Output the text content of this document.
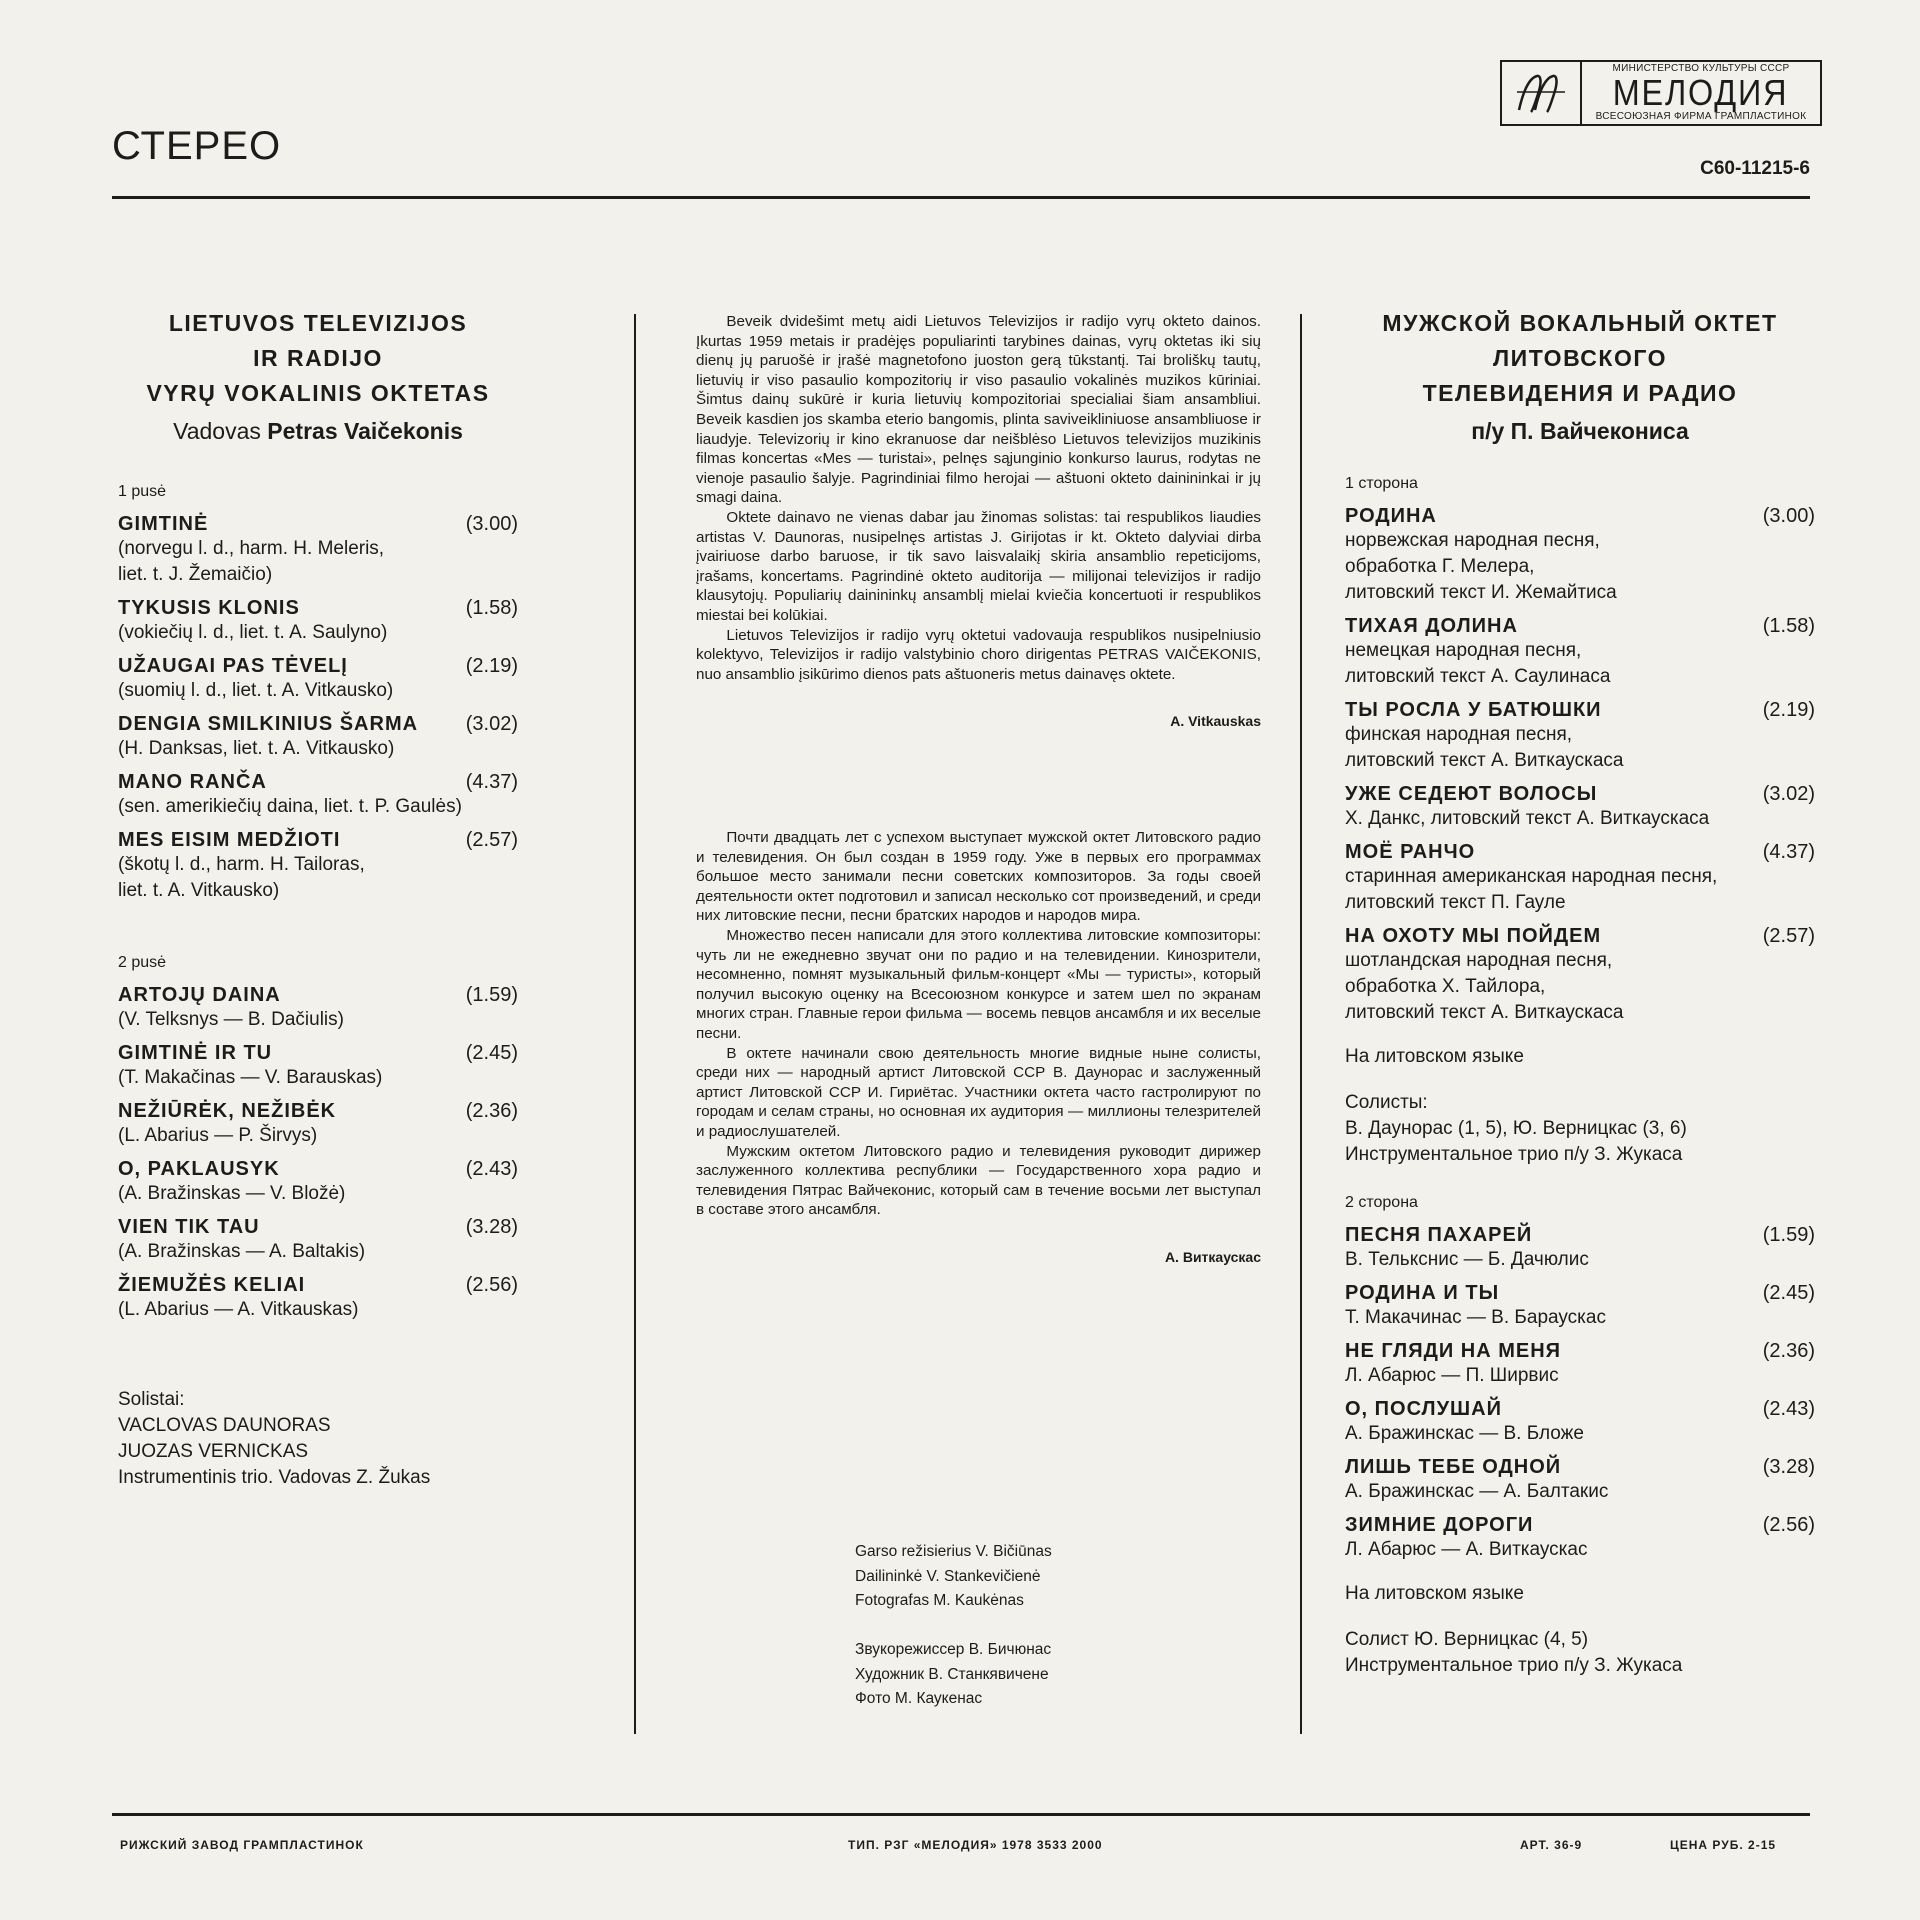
СТЕРЕО
МИНИСТЕРСТВО КУЛЬТУРЫ СССР
МЕЛОДИЯ
ВСЕСОЮЗНАЯ ФИРМА ГРАМПЛАСТИНОК
С60-11215-6
LIETUVOS TELEVIZIJOS
IR RADIJO
VYRŲ VOKALINIS OKTETAS
Vadovas Petras Vaičekonis
1 pusė
GIMTINĖ	(3.00)
(norvegu l. d., harm. H. Meleris,
liet. t. J. Žemaičio)
TYKUSIS KLONIS	(1.58)
(vokiečių l. d., liet. t. A. Saulyno)
UŽAUGAI PAS TĖVELĮ	(2.19)
(suomių l. d., liet. t. A. Vitkausko)
DENGIA SMILKINIUS ŠARMA (3.02)
(H. Danksas, liet. t. A. Vitkausko)
MANO RANČA	(4.37)
(sen. amerikiečių daina, liet. t. P. Gaulės)
MES EISIM MEDŽIOTI	(2.57)
(škotų l. d., harm. H. Tailoras,
liet. t. A. Vitkausko)
2 pusė
ARTOJŲ DAINA	(1.59)
(V. Telksnys — B. Dačiulis)
GIMTINĖ IR TU	(2.45)
(T. Makačinas — V. Barauskas)
NEŽIŪRĖK, NEŽIBĖK	(2.36)
(L. Abarius — P. Širvys)
O, PAKLAUSYK	(2.43)
(A. Bražinskas — V. Bložė)
VIEN TIK TAU	(3.28)
(A. Bražinskas — A. Baltakis)
ŽIEMUŽĖS KELIAI	(2.56)
(L. Abarius — A. Vitkauskas)
Solistai:
VACLOVAS DAUNORAS
JUOZAS VERNICKAS
Instrumentinis trio. Vadovas Z. Žukas

Beveik dvidešimt metų aidi Lietuvos Televizijos ir radijo vyrų okteto dainos. Įkurtas 1959 metais ir pradėjęs populiarinti tarybines dainas, vyrų oktetas iki sių dienų jų paruošė ir įrašė magnetofono juoston gerą tūkstantį. Tai broliškų tautų, lietuvių ir viso pasaulio kompozitorių ir viso pasaulio vokalinės muzikos kūriniai. Šimtus dainų sukūrė ir kuria lietuvių kompozitoriai specialiai šiam ansambliui. Beveik kasdien jos skamba eterio bangomis, plinta saviveikliniuose ansambliuose ir liaudyje. Televizorių ir kino ekranuose dar neišblėso Lietuvos televizijos muzikinis filmas koncertas «Mes — turistai», pelnęs sąjunginio konkurso laurus, rodytas ne vienoje pasaulio šalyje. Pagrindiniai filmo herojai — aštuoni okteto dainininkai ir jų smagi daina.

Oktete dainavo ne vienas dabar jau žinomas solistas: tai respublikos liaudies artistas V. Daunoras, nusipelnęs artistas J. Girijotas ir kt. Okteto dalyviai dirba įvairiuose darbo baruose, ir tik savo laisvalaikį skiria ansamblio repeticijoms, įrašams, koncertams. Pagrindinė okteto auditorija — milijonai televizijos ir radijo klausytojų. Populiarių dainininkų ansamblį mielai kviečia koncertuoti ir respublikos miestai bei kolūkiai.

Lietuvos Televizijos ir radijo vyrų oktetui vadovauja respublikos nusipelniusio kolektyvo, Televizijos ir radijo valstybinio choro dirigentas PETRAS VAIČEKONIS, nuo ansamblio įsikūrimo dienos pats aštuoneris metus dainavęs oktete.

A. Vitkauskas

Почти двадцать лет с успехом выступает мужской октет Литовского радио и телевидения. Он был создан в 1959 году. Уже в первых его программах большое место занимали песни советских композиторов. За годы своей деятельности октет подготовил и записал несколько сот произведений, и среди них литовские песни, песни братских народов и народов мира.

Множество песен написали для этого коллектива литовские композиторы: чуть ли не ежедневно звучат они по радио и на телевидении. Кинозрители, несомненно, помнят музыкальный фильм-концерт «Мы — туристы», который получил высокую оценку на Всесоюзном конкурсе и затем шел по экранам многих стран. Главные герои фильма — восемь певцов ансамбля и их веселые песни.

В октете начинали свою деятельность многие видные ныне солисты, среди них — народный артист Литовской ССР В. Даунорас и заслуженный артист Литовской ССР И. Гириётас. Участники октета часто гастролируют по городам и селам страны, но основная их аудитория — миллионы телезрителей и радиослушателей.

Мужским октетом Литовского радио и телевидения руководит дирижер заслуженного коллектива республики — Государственного хора радио и телевидения Пятрас Вайчеконис, который сам в течение восьми лет выступал в составе этого ансамбля.

А. Виткаускас
Garso režisierius V. Bičiūnas
Dailininkė V. Stankevičienė
Fotografas M. Kaukėnas
Звукорежиссер В. Бичюнас
Художник В. Станкявичене
Фото М. Каукенас
МУЖСКОЙ ВОКАЛЬНЫЙ ОКТЕТ
ЛИТОВСКОГО
ТЕЛЕВИДЕНИЯ И РАДИО
п/у П. Вайчекониса
1 сторона
РОДИНА	(3.00)
норвежская народная песня,
обработка Г. Мелера,
литовский текст И. Жемайтиса
ТИХАЯ ДОЛИНА	(1.58)
немецкая народная песня,
литовский текст А. Саулинаса
ТЫ РОСЛА У БАТЮШКИ	(2.19)
финская народная песня,
литовский текст А. Виткаускаса
УЖЕ СЕДЕЮТ ВОЛОСЫ	(3.02)
Х. Данкс, литовский текст А. Виткаускаса
МОЁ РАНЧО	(4.37)
старинная американская народная песня,
литовский текст П. Гауле
НА ОХОТУ МЫ ПОЙДЕМ	(2.57)
шотландская народная песня,
обработка Х. Тайлора,
литовский текст А. Виткаускаса
На литовском языке
Солисты:
В. Даунорас (1, 5), Ю. Верницкас (3, 6)
Инструментальное трио п/у З. Жукаса
2 сторона
ПЕСНЯ ПАХАРЕЙ	(1.59)
В. Телькснис — Б. Дачюлис
РОДИНА И ТЫ	(2.45)
Т. Макачинас — В. Бараускас
НЕ ГЛЯДИ НА МЕНЯ	(2.36)
Л. Абарюс — П. Ширвис
О, ПОСЛУШАЙ	(2.43)
А. Бражинскас — В. Бложе
ЛИШЬ ТЕБЕ ОДНОЙ	(3.28)
А. Бражинскас — А. Балтакис
ЗИМНИЕ ДОРОГИ	(2.56)
Л. Абарюс — А. Виткаускас
На литовском языке
Солист Ю. Верницкас (4, 5)
Инструментальное трио п/у З. Жукаса
РИЖСКИЙ ЗАВОД ГРАМПЛАСТИНОК	ТИП. РЗГ «МЕЛОДИЯ» 1978 3533 2000	АРТ. 36-9	ЦЕНА РУБ. 2-15
